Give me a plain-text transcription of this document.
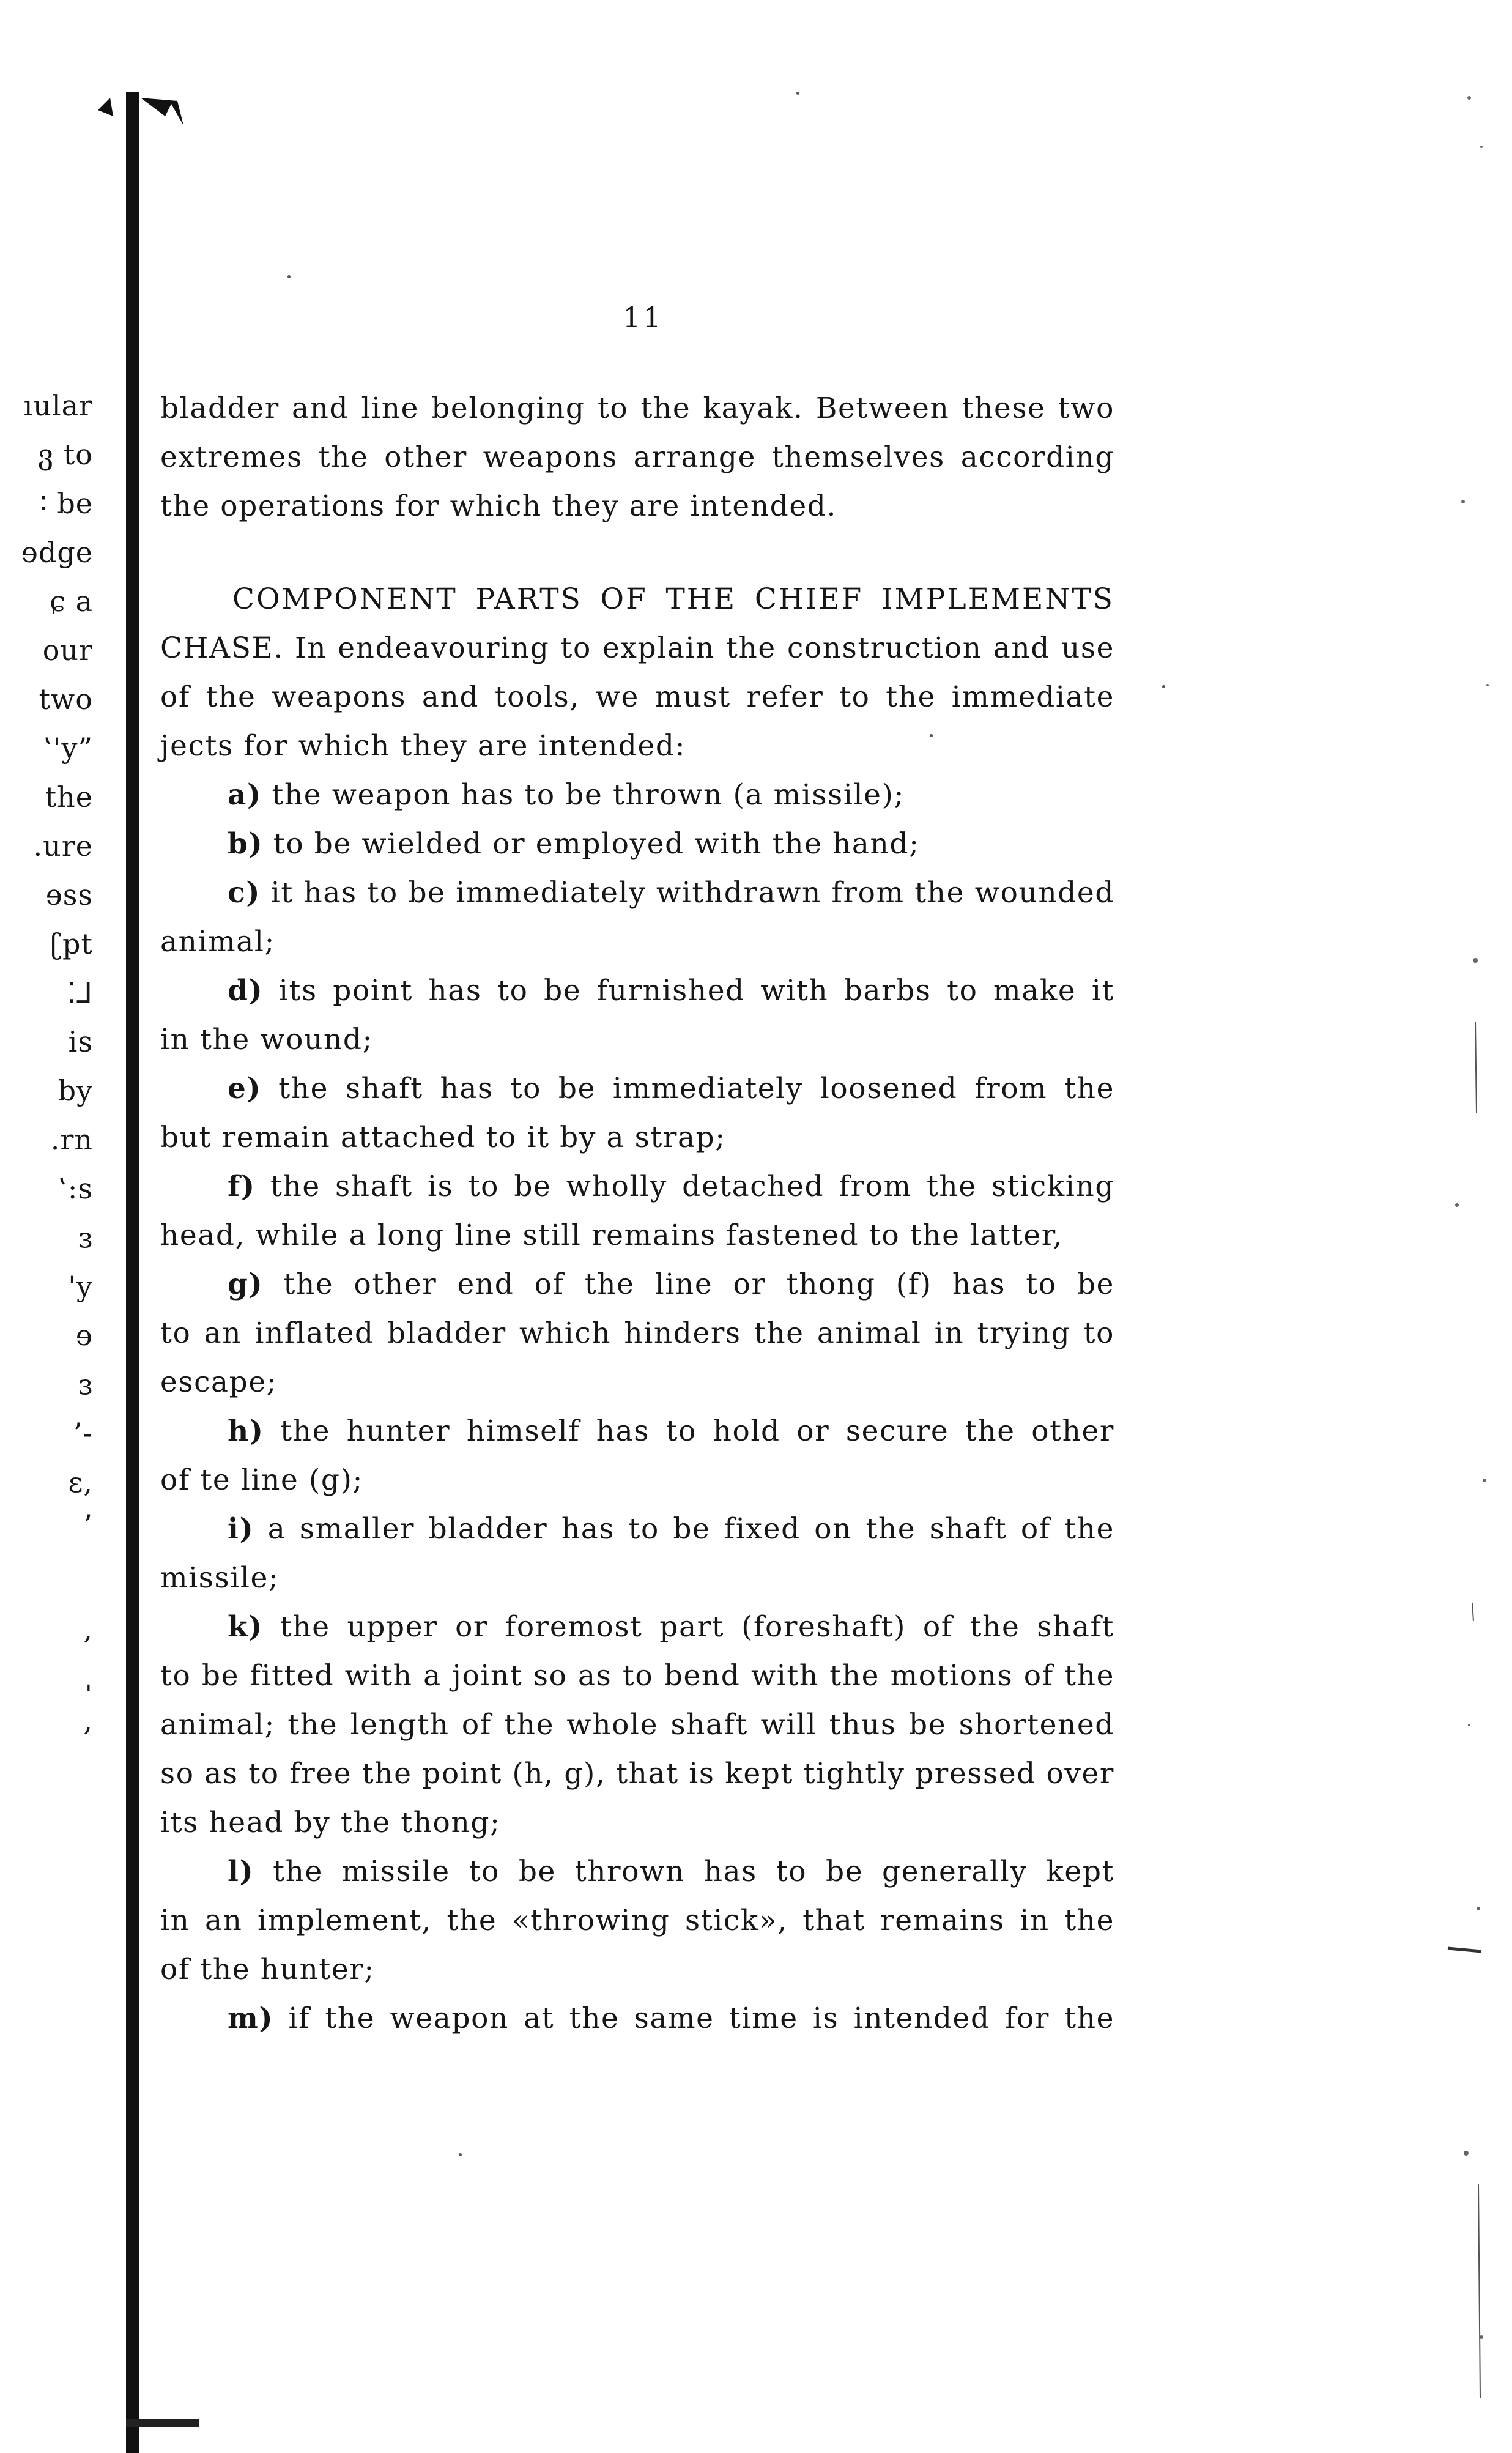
ıular
ვ to
∶ be
ɘdge
ɕ a
our
two
‛'y”
the
.ure
ɘss
ʗpt
⁚⅃
is
by
.rn
‛:s
ɜ
'y
ɘ
ɜ
’-
ɛ,
’
,
ˌ
,
11
bladder and line belonging to the kayak. Between these two
extremes the other weapons arrange themselves according
the operations for which they are intended.
COMPONENT PARTS OF THE CHIEF IMPLEMENTS
CHASE. In endeavouring to explain the construction and use
of the weapons and tools, we must refer to the immediate
jects for which they are intended:
a) the weapon has to be thrown (a missile);
b) to be wielded or employed with the hand;
c) it has to be immediately withdrawn from the wounded
animal;
d) its point has to be furnished with barbs to make it
in the wound;
e) the shaft has to be immediately loosened from the
but remain attached to it by a strap;
f) the shaft is to be wholly detached from the sticking
head, while a long line still remains fastened to the latter,
g) the other end of the line or thong (f) has to be
to an inflated bladder which hinders the animal in trying to
escape;
h) the hunter himself has to hold or secure the other
of te line (g);
i) a smaller bladder has to be fixed on the shaft of the
missile;
k) the upper or foremost part (foreshaft) of the shaft
to be fitted with a joint so as to bend with the motions of the
animal; the length of the whole shaft will thus be shortened
so as to free the point (h, g), that is kept tightly pressed over
its head by the thong;
l) the missile to be thrown has to be generally kept
in an implement, the «throwing stick», that remains in the
of the hunter;
m) if the weapon at the same time is intended for the
